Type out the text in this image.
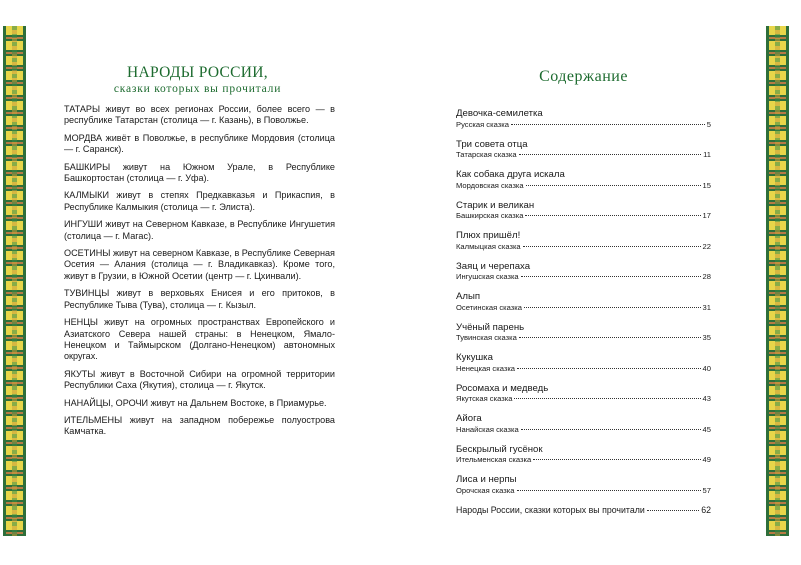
НАРОДЫ РОССИИ,
сказки которых вы прочитали
ТАТАРЫ живут во всех регионах России, более всего — в республике Татарстан (столица — г. Казань), в Поволжье.
МОРДВА живёт в Поволжье, в республике Мордовия (столица — г. Саранск).
БАШКИРЫ живут на Южном Урале, в Республике Башкортостан (столица — г. Уфа).
КАЛМЫКИ живут в степях Предкавказья и Прикаспия, в Республике Калмыкия (столица — г. Элиста).
ИНГУШИ живут на Северном Кавказе, в Республике Ингушетия (столица — г. Магас).
ОСЕТИНЫ живут на северном Кавказе, в Республике Северная Осетия — Алания (столица — г. Владикавказ). Кроме того, живут в Грузии, в Южной Осетии (центр — г. Цхинвали).
ТУВИНЦЫ живут в верховьях Енисея и его притоков, в Республике Тыва (Тува), столица — г. Кызыл.
НЕНЦЫ живут на огромных пространствах Европейского и Азиатского Севера нашей страны: в Ненецком, Ямало-Ненецком и Таймырском (Долгано-Ненецком) автономных округах.
ЯКУТЫ живут в Восточной Сибири на огромной территории Республики Саха (Якутия), столица — г. Якутск.
НАНАЙЦЫ, ОРОЧИ живут на Дальнем Востоке, в Приамурье.
ИТЕЛЬМЕНЫ живут на западном побережье полуострова Камчатка.
Содержание
Девочка-семилетка
Русская сказка	5
Три совета отца
Татарская сказка	11
Как собака друга искала
Мордовская сказка	15
Старик и великан
Башкирская сказка	17
Плюх пришёл!
Калмыцкая сказка	22
Заяц и черепаха
Ингушская сказка	28
Алып
Осетинская сказка	31
Учёный парень
Тувинская сказка	35
Кукушка
Ненецкая сказка	40
Росомаха и медведь
Якутская сказка	43
Айога
Нанайская сказка	45
Бескрылый гусёнок
Ительменская сказка	49
Лиса и нерпы
Орочская сказка	57
Народы России, сказки которых вы прочитали	62
